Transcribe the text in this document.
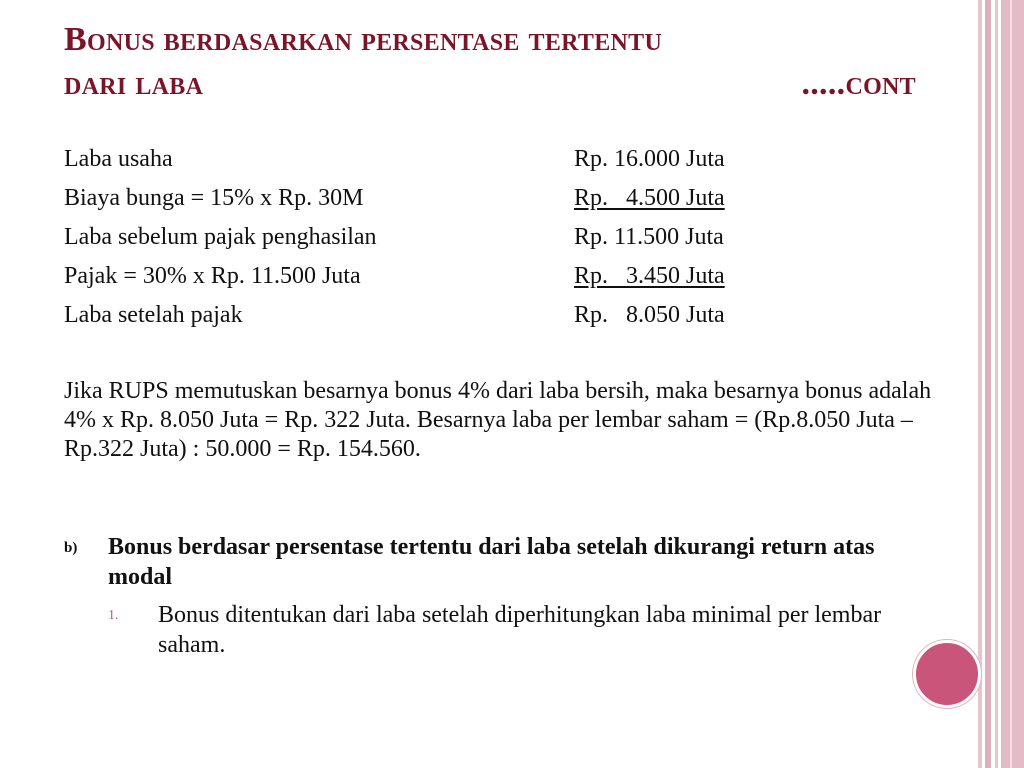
Bonus berdasarkan persentase tertentu
dari laba	.....cont
Laba usaha	Rp. 16.000 Juta
Biaya bunga = 15% x Rp. 30M	Rp.   4.500 Juta
Laba sebelum pajak penghasilan	Rp. 11.500 Juta
Pajak = 30% x Rp. 11.500 Juta	Rp.   3.450 Juta
Laba setelah pajak	Rp.   8.050 Juta
Jika RUPS memutuskan besarnya bonus 4% dari laba bersih, maka besarnya bonus adalah 4% x Rp. 8.050 Juta = Rp. 322 Juta. Besarnya laba per lembar saham = (Rp.8.050 Juta – Rp.322 Juta) : 50.000 = Rp. 154.560.
b)	Bonus berdasar persentase tertentu dari laba setelah dikurangi return atas modal
1.	Bonus ditentukan dari laba setelah diperhitungkan laba minimal per lembar saham.
